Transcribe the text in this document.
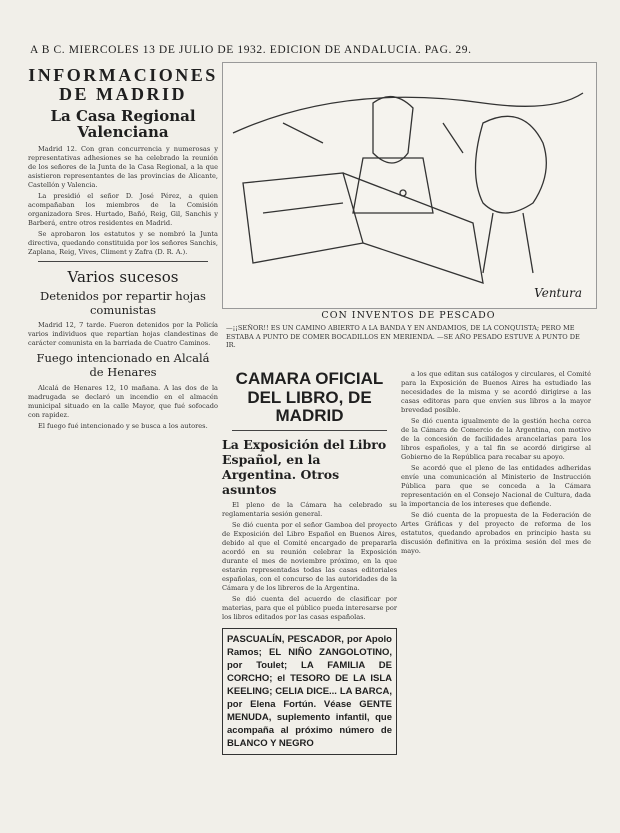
A B C. MIERCOLES 13 DE JULIO DE 1932. EDICION DE ANDALUCIA. PAG. 29.
INFORMACIONES DE MADRID
La Casa Regional Valenciana

Madrid 12. Con gran concurrencia y numerosas y representativas adhesiones se ha celebrado la reunión de los señores de la Junta de la Casa Regional, a la que asistieron representantes de las provincias de Alicante, Castellón y Valencia.

La presidió el señor D. José Pérez, a quien acompañaban los miembros de la Comisión organizadora Sres. Hurtado, Bañó, Reig, Gil, Sanchis y Barberá, entre otros residentes en Madrid.

Se aprobaron los estatutos y se nombró la Junta directiva, quedando constituida por los señores Sanchis, Zaplana, Reig, Vives, Climent y Zafra (D. R. A.).

Varios sucesos
Detenidos por repartir hojas comunistas

Madrid 12, 7 tarde. Fueron detenidos por la Policía varios individuos que repartían hojas clandestinas de carácter comunista en la barriada de Cuatro Caminos.

Fuego intencionado en Alcalá de Henares

Alcalá de Henares 12, 10 mañana. A las dos de la madrugada se declaró un incendio en el almacén municipal situado en la calle Mayor, que fué sofocado con rapidez.

El fuego fué intencionado y se busca a los autores.

Ventura
CON INVENTOS DE PESCADO
—¡¡SEÑOR!! ES UN CAMINO ABIERTO A LA BANDA Y EN ANDAMIOS, DE LA CONQUISTA; PERO ME ESTABA A PUNTO DE COMER BOCADILLOS EN MERIENDA. —SE AÑO PESADO ESTUVE A PUNTO DE IR.
CAMARA OFICIAL DEL LIBRO, DE MADRID
La Exposición del Libro Español, en la Argentina. Otros asuntos

El pleno de la Cámara ha celebrado su reglamentaria sesión general.

Se dió cuenta por el señor Gamboa del proyecto de Exposición del Libro Español en Buenos Aires, debido al que el Comité encargado de prepararla acordó en su reunión celebrar la Exposición durante el mes de noviembre próximo, en la que estarán representadas todas las casas editoriales españolas, con el concurso de las autoridades de la Cámara y de los libreros de la Argentina.

Se dió cuenta del acuerdo de clasificar por materias, para que el público pueda interesarse por los libros editados por las casas españolas.

PASCUALÍN, PESCADOR, por Apolo Ramos; EL NIÑO ZANGOLOTINO, por Toulet; LA FAMILIA DE CORCHO; el TESORO DE LA ISLA KEELING; CELIA DICE... LA BARCA, por Elena Fortún. Véase GENTE MENUDA, suplemento infantil, que acompaña al próximo número de BLANCO Y NEGRO

a los que editan sus catálogos y circulares, el Comité para la Exposición de Buenos Aires ha estudiado las necesidades de la misma y se acordó dirigirse a las casas editoras para que envíen sus libros a la mayor brevedad posible.

Se dió cuenta igualmente de la gestión hecha cerca de la Cámara de Comercio de la Argentina, con motivo de la concesión de facilidades arancelarias para los libros españoles, y a tal fin se acordó dirigirse al Gobierno de la República para recabar su apoyo.

Se acordó que el pleno de las entidades adheridas envíe una comunicación al Ministerio de Instrucción Pública para que se conceda a la Cámara representación en el Consejo Nacional de Cultura, dada la importancia de los intereses que defiende.

Se dió cuenta de la propuesta de la Federación de Artes Gráficas y del proyecto de reforma de los estatutos, quedando aprobados en principio hasta su discusión definitiva en la próxima sesión del mes de mayo.
